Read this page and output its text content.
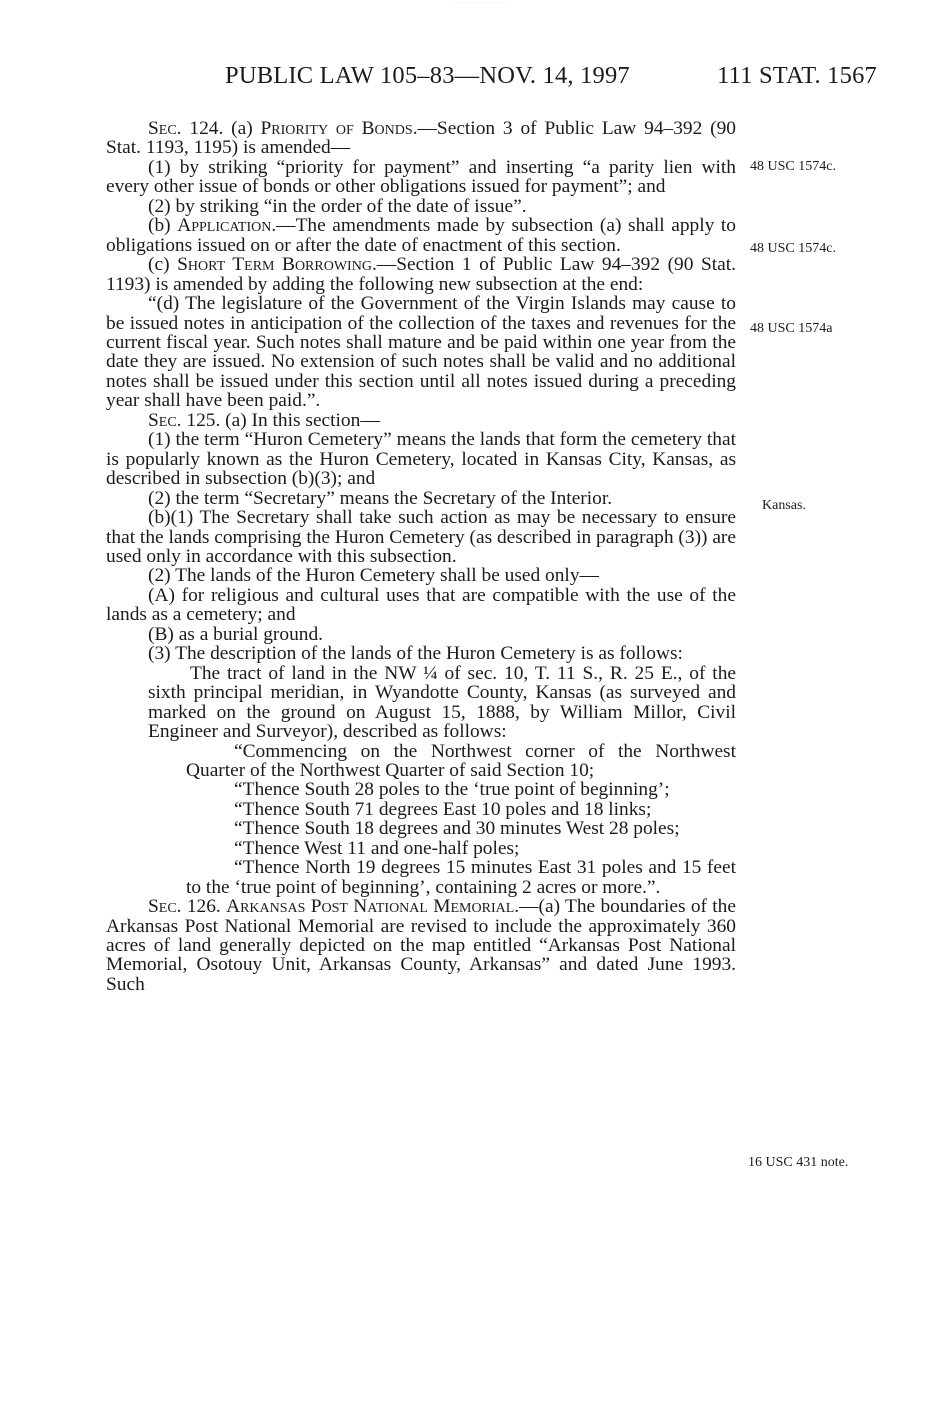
PUBLIC LAW 105–83—NOV. 14, 1997	111 STAT. 1567

Sec. 124. (a) Priority of Bonds.—Section 3 of Public Law 94–392 (90 Stat. 1193, 1195) is amended—

(1) by striking “priority for payment” and inserting “a parity lien with every other issue of bonds or other obligations issued for payment”; and

(2) by striking “in the order of the date of issue”.

(b) Application.—The amendments made by subsection (a) shall apply to obligations issued on or after the date of enactment of this section.

(c) Short Term Borrowing.—Section 1 of Public Law 94–392 (90 Stat. 1193) is amended by adding the following new subsection at the end:

“(d) The legislature of the Government of the Virgin Islands may cause to be issued notes in anticipation of the collection of the taxes and revenues for the current fiscal year. Such notes shall mature and be paid within one year from the date they are issued. No extension of such notes shall be valid and no additional notes shall be issued under this section until all notes issued during a preceding year shall have been paid.”.

Sec. 125. (a) In this section—

(1) the term “Huron Cemetery” means the lands that form the cemetery that is popularly known as the Huron Cemetery, located in Kansas City, Kansas, as described in subsection (b)(3); and

(2) the term “Secretary” means the Secretary of the Interior.

(b)(1) The Secretary shall take such action as may be necessary to ensure that the lands comprising the Huron Cemetery (as described in paragraph (3)) are used only in accordance with this subsection.

(2) The lands of the Huron Cemetery shall be used only—

(A) for religious and cultural uses that are compatible with the use of the lands as a cemetery; and

(B) as a burial ground.

(3) The description of the lands of the Huron Cemetery is as follows:

The tract of land in the NW ¼ of sec. 10, T. 11 S., R. 25 E., of the sixth principal meridian, in Wyandotte County, Kansas (as surveyed and marked on the ground on August 15, 1888, by William Millor, Civil Engineer and Surveyor), described as follows:

“Commencing on the Northwest corner of the Northwest Quarter of the Northwest Quarter of said Section 10;

“Thence South 28 poles to the ‘true point of beginning’;

“Thence South 71 degrees East 10 poles and 18 links;

“Thence South 18 degrees and 30 minutes West 28 poles;

“Thence West 11 and one-half poles;

“Thence North 19 degrees 15 minutes East 31 poles and 15 feet to the ‘true point of beginning’, containing 2 acres or more.”.

Sec. 126. Arkansas Post National Memorial.—(a) The boundaries of the Arkansas Post National Memorial are revised to include the approximately 360 acres of land generally depicted on the map entitled “Arkansas Post National Memorial, Osotouy Unit, Arkansas County, Arkansas” and dated June 1993. Such

48 USC 1574c.
48 USC 1574c.
48 USC 1574a
Kansas.
16 USC 431 note.
